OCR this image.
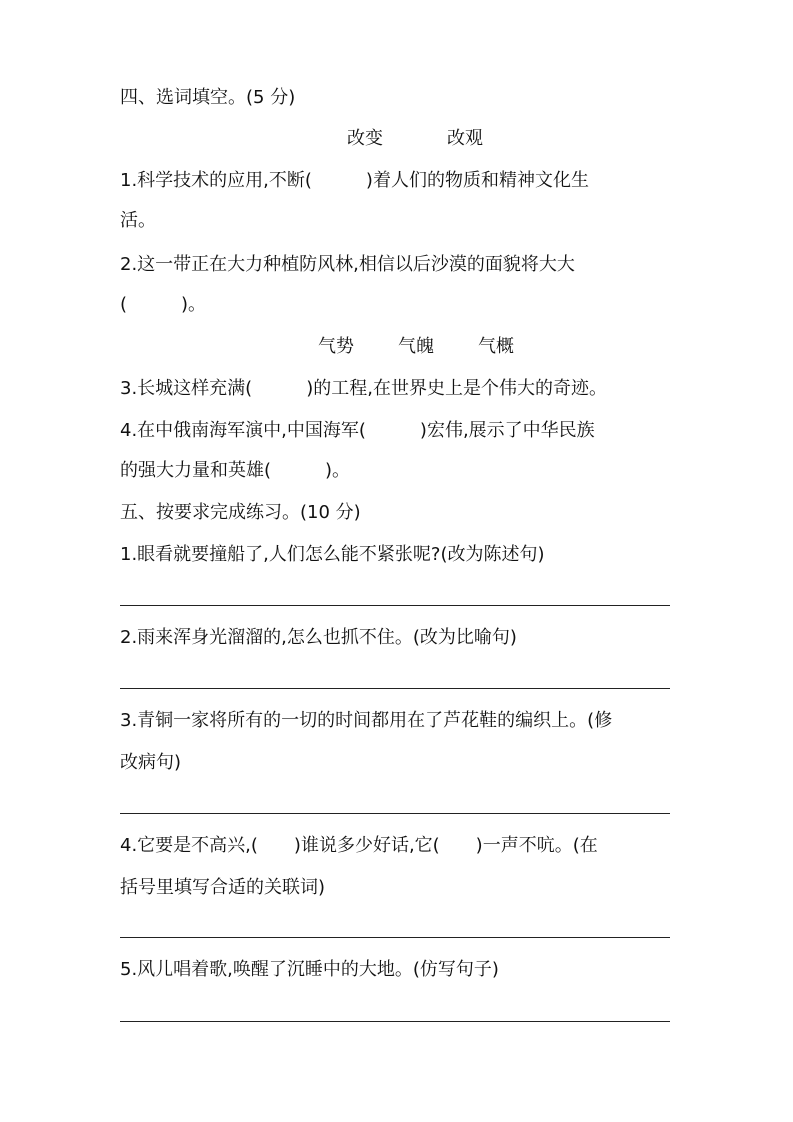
四、选词填空。(5 分)
改变	改观
1.科学技术的应用,不断(　　　)着人们的物质和精神文化生
活。
2.这一带正在大力种植防风林,相信以后沙漠的面貌将大大
(　　　)。
气势 气魄 气概
3.长城这样充满(　　　)的工程,在世界史上是个伟大的奇迹。
4.在中俄南海军演中,中国海军(　　　)宏伟,展示了中华民族
的强大力量和英雄(　　　)。
五、按要求完成练习。(10 分)
1.眼看就要撞船了,人们怎么能不紧张呢?(改为陈述句)
2.雨来浑身光溜溜的,怎么也抓不住。(改为比喻句)
3.青铜一家将所有的一切的时间都用在了芦花鞋的编织上。(修
改病句)
4.它要是不高兴,(　　)谁说多少好话,它(　　)一声不吭。(在
括号里填写合适的关联词)
5.风儿唱着歌,唤醒了沉睡中的大地。(仿写句子)
